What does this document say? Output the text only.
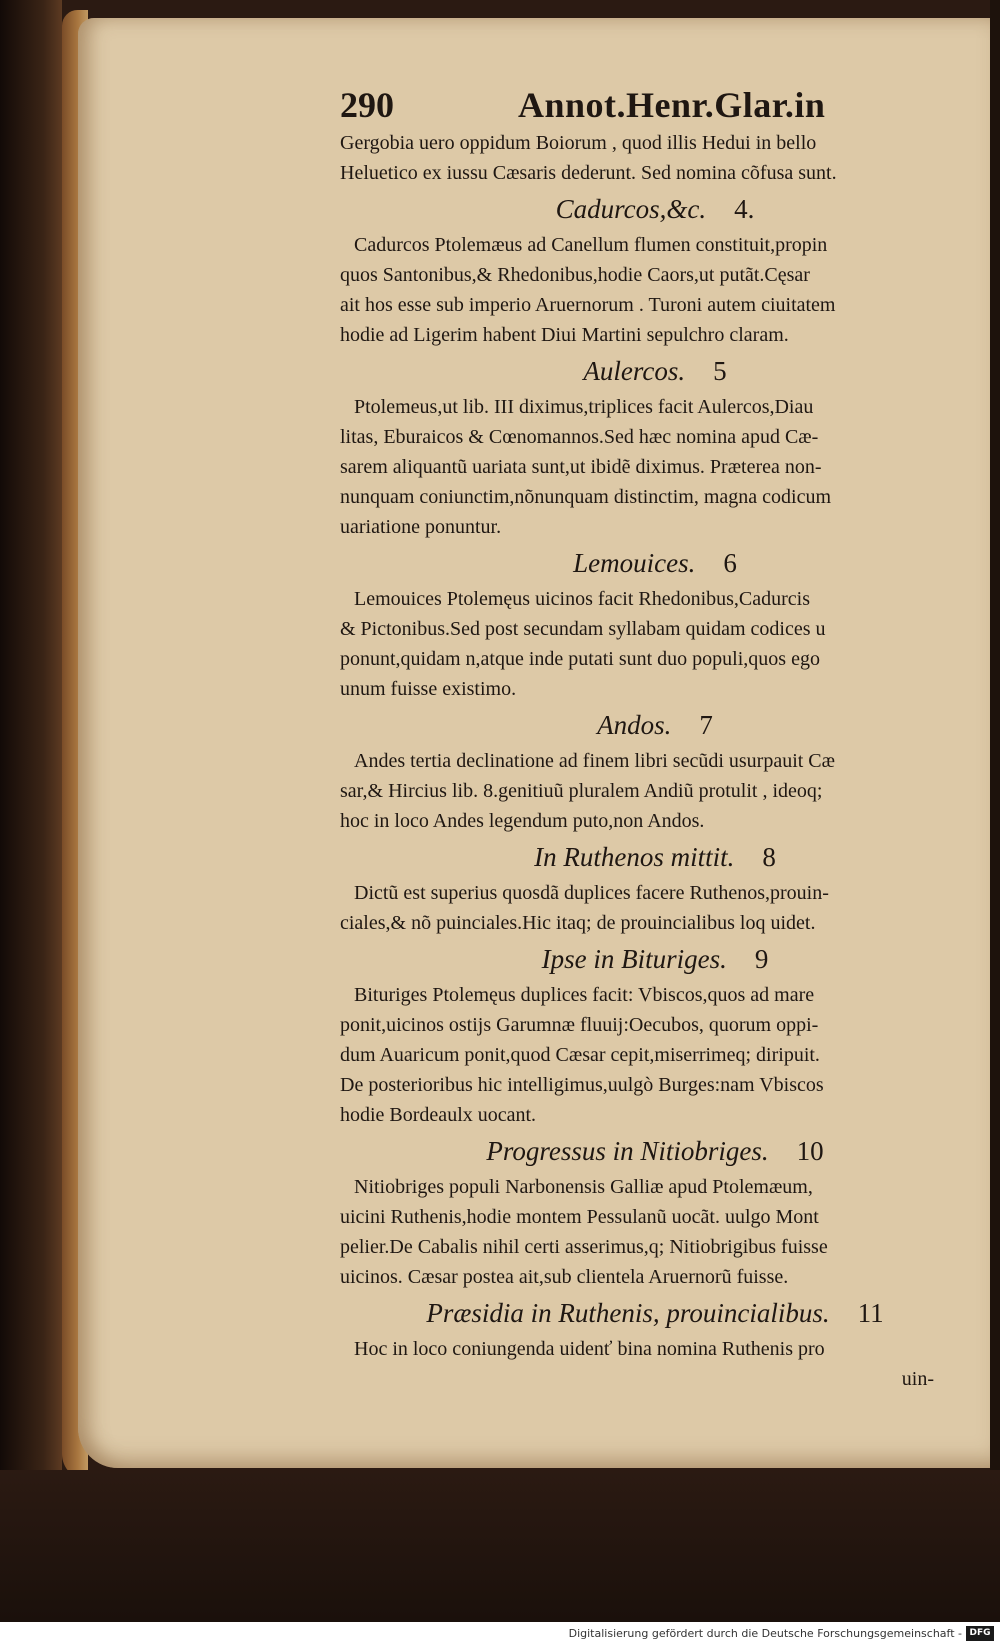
290	Annot.Henr.Glar.in
Gergobia uero oppidum Boiorum , quod illis Hedui in bello
Heluetico ex iussu Cæsaris dederunt. Sed nomina cõfusa sunt.
Cadurcos,&c. 4.
Cadurcos Ptolemæus ad Canellum flumen constituit,propin
quos Santonibus,& Rhedonibus,hodie Caors,ut putãt.Cęsar
ait hos esse sub imperio Aruernorum . Turoni autem ciuitatem
hodie ad Ligerim habent Diui Martini sepulchro claram.
Aulercos. 5
Ptolemeus,ut lib. III diximus,triplices facit Aulercos,Diau
litas, Eburaicos & Cœnomannos.Sed hæc nomina apud Cæ-
sarem aliquantũ uariata sunt,ut ibidẽ diximus. Præterea non-
nunquam coniunctim,nõnunquam distinctim, magna codicum
uariatione ponuntur.
Lemouices. 6
Lemouices Ptolemęus uicinos facit Rhedonibus,Cadurcis
& Pictonibus.Sed post secundam syllabam quidam codices u
ponunt,quidam n,atque inde putati sunt duo populi,quos ego
unum fuisse existimo.
Andos. 7
Andes tertia declinatione ad finem libri secũdi usurpauit Cæ
sar,& Hircius lib. 8.genitiuũ pluralem Andiũ protulit , ideoq;
hoc in loco Andes legendum puto,non Andos.
In Ruthenos mittit. 8
Dictũ est superius quosdã duplices facere Ruthenos,prouin-
ciales,& nõ puinciales.Hic itaq; de prouincialibus loq uidet.
Ipse in Bituriges. 9
Bituriges Ptolemęus duplices facit: Vbiscos,quos ad mare
ponit,uicinos ostijs Garumnæ fluuij:Oecubos, quorum oppi-
dum Auaricum ponit,quod Cæsar cepit,miserrimeq; diripuit.
De posterioribus hic intelligimus,uulgò Burges:nam Vbiscos
hodie Bordeaulx uocant.
Progressus in Nitiobriges. 10
Nitiobriges populi Narbonensis Galliæ apud Ptolemæum,
uicini Ruthenis,hodie montem Pessulanũ uocãt. uulgo Mont
pelier.De Cabalis nihil certi asserimus,q; Nitiobrigibus fuisse
uicinos. Cæsar postea ait,sub clientela Aruernorũ fuisse.
Præsidia in Ruthenis, prouincialibus. 11
Hoc in loco coniungenda uidenť bina nomina Ruthenis pro
uin-
Digitalisierung gefördert durch die Deutsche Forschungsgemeinschaft - DFG
